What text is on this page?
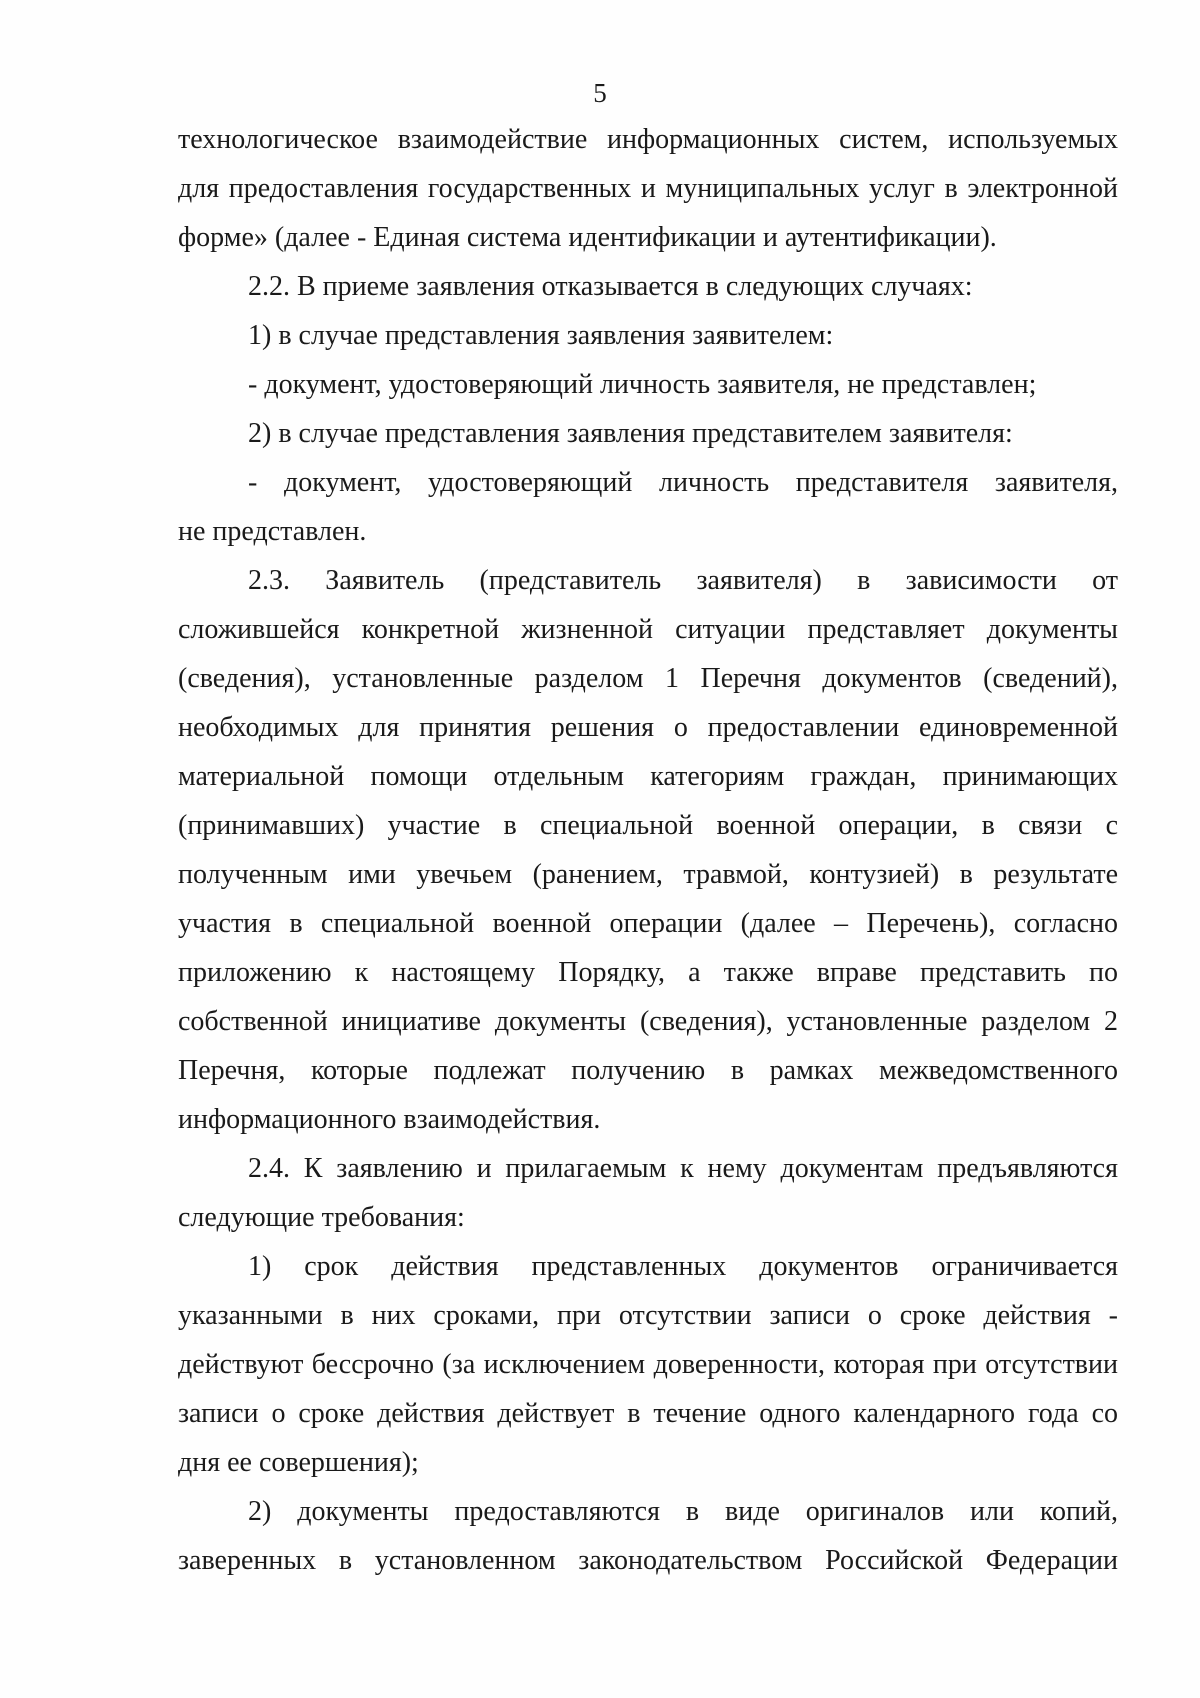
5
технологическое взаимодействие информационных систем, используемых
для предоставления государственных и муниципальных услуг в электронной
форме» (далее - Единая система идентификации и аутентификации).
2.2. В приеме заявления отказывается в следующих случаях:
1) в случае представления заявления заявителем:
- документ, удостоверяющий личность заявителя, не представлен;
2) в случае представления заявления представителем заявителя:
- документ, удостоверяющий личность представителя заявителя,
не представлен.
2.3. Заявитель (представитель заявителя) в зависимости от
сложившейся конкретной жизненной ситуации представляет документы
(сведения), установленные разделом 1 Перечня документов (сведений),
необходимых для принятия решения о предоставлении единовременной
материальной помощи отдельным категориям граждан, принимающих
(принимавших) участие в специальной военной операции, в связи с
полученным ими увечьем (ранением, травмой, контузией) в результате
участия в специальной военной операции (далее – Перечень), согласно
приложению к настоящему Порядку, а также вправе представить по
собственной инициативе документы (сведения), установленные разделом 2
Перечня, которые подлежат получению в рамках межведомственного
информационного взаимодействия.
2.4. К заявлению и прилагаемым к нему документам предъявляются
следующие требования:
1) срок действия представленных документов ограничивается
указанными в них сроками, при отсутствии записи о сроке действия -
действуют бессрочно (за исключением доверенности, которая при отсутствии
записи о сроке действия действует в течение одного календарного года со
дня ее совершения);
2) документы предоставляются в виде оригиналов или копий,
заверенных в установленном законодательством Российской Федерации
